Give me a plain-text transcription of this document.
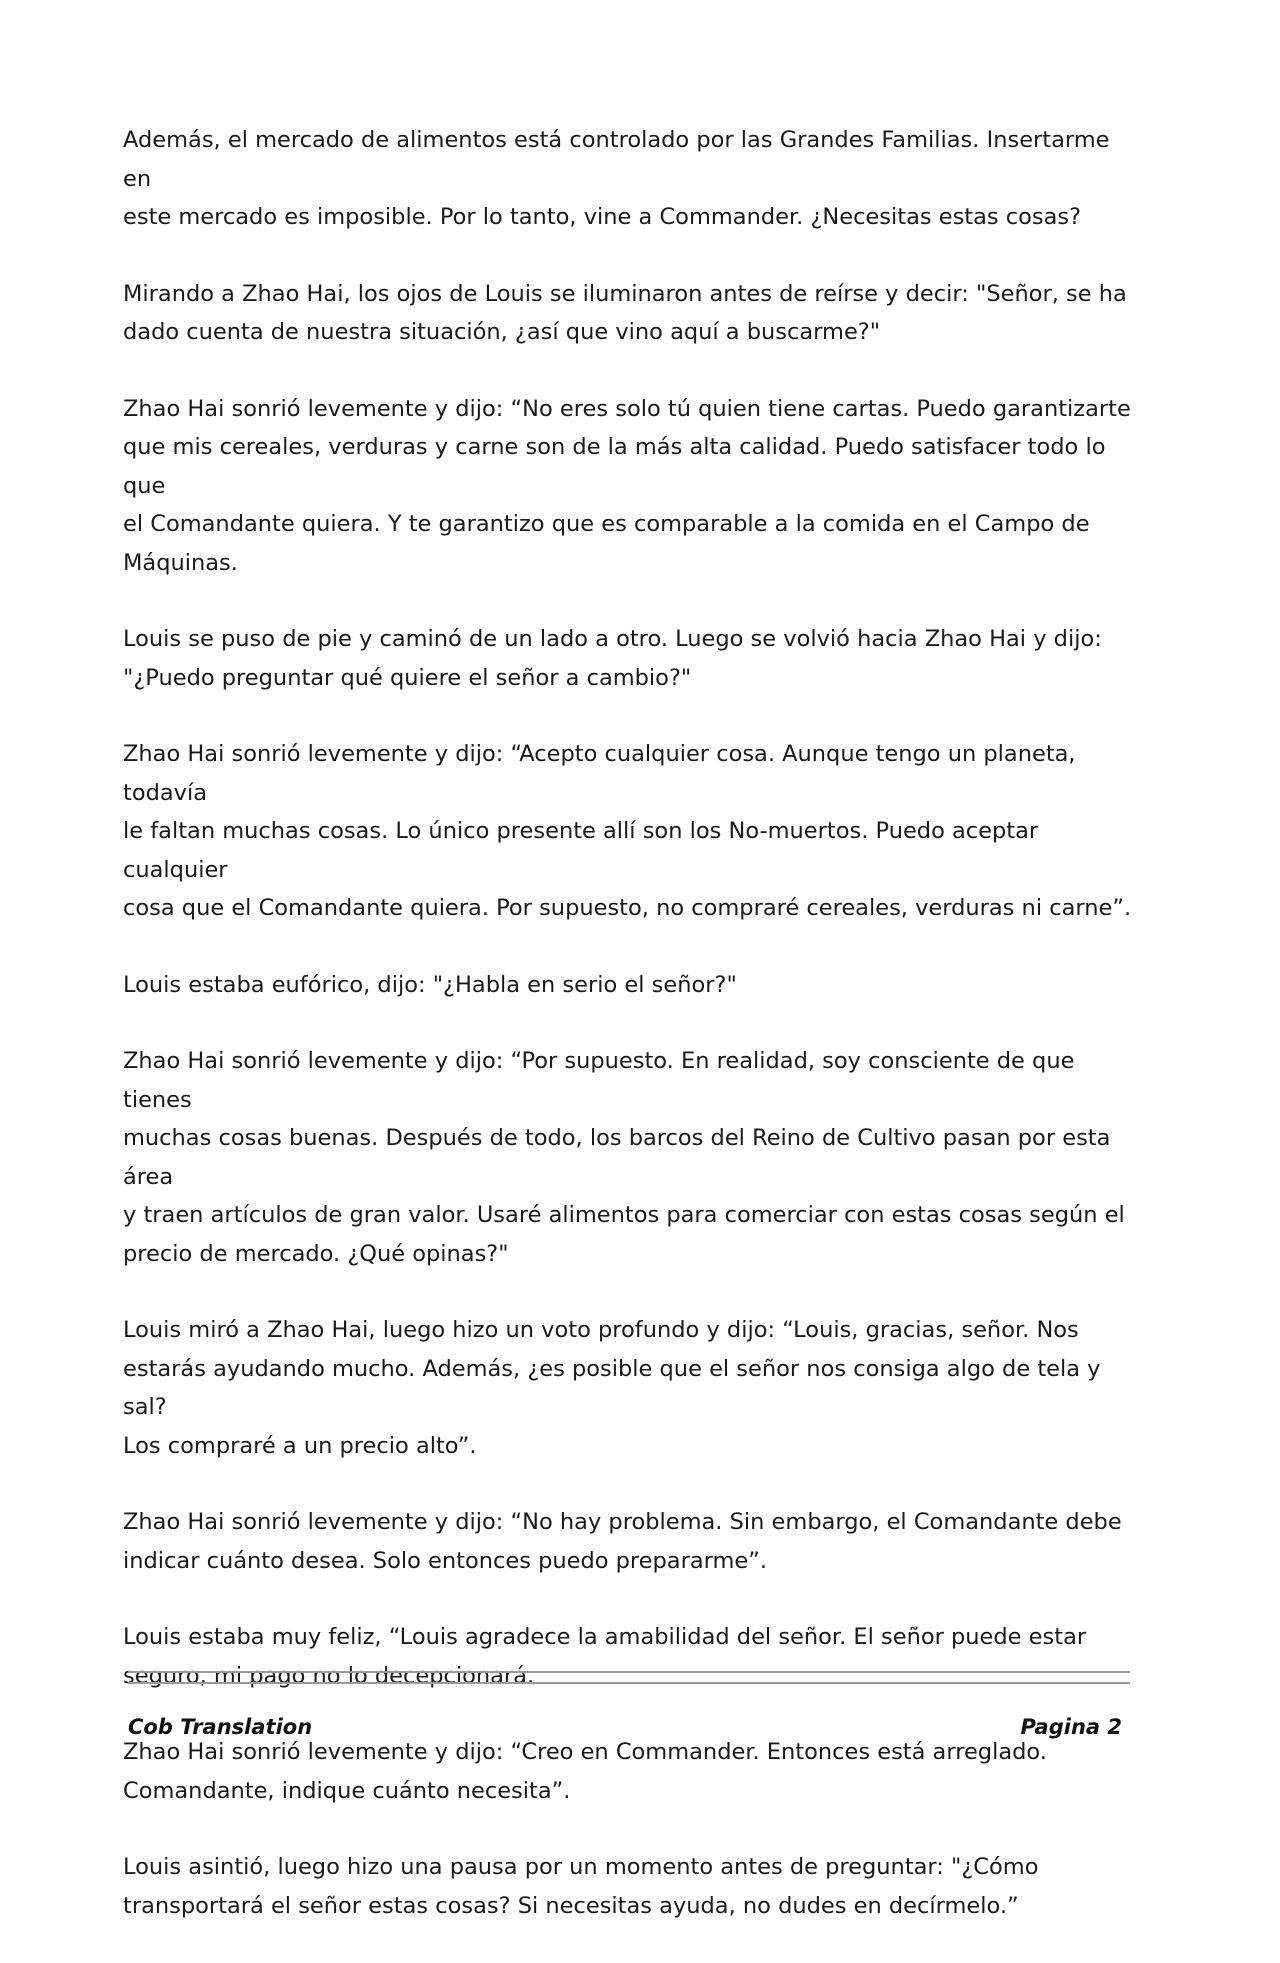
Además, el mercado de alimentos está controlado por las Grandes Familias. Insertarme en
este mercado es imposible. Por lo tanto, vine a Commander. ¿Necesitas estas cosas?

Mirando a Zhao Hai, los ojos de Louis se iluminaron antes de reírse y decir: "Señor, se ha
dado cuenta de nuestra situación, ¿así que vino aquí a buscarme?"

Zhao Hai sonrió levemente y dijo: “No eres solo tú quien tiene cartas. Puedo garantizarte
que mis cereales, verduras y carne son de la más alta calidad. Puedo satisfacer todo lo que
el Comandante quiera. Y te garantizo que es comparable a la comida en el Campo de
Máquinas.

Louis se puso de pie y caminó de un lado a otro. Luego se volvió hacia Zhao Hai y dijo:
"¿Puedo preguntar qué quiere el señor a cambio?"

Zhao Hai sonrió levemente y dijo: “Acepto cualquier cosa. Aunque tengo un planeta, todavía
le faltan muchas cosas. Lo único presente allí son los No-muertos. Puedo aceptar cualquier
cosa que el Comandante quiera. Por supuesto, no compraré cereales, verduras ni carne”.

Louis estaba eufórico, dijo: "¿Habla en serio el señor?"

Zhao Hai sonrió levemente y dijo: “Por supuesto. En realidad, soy consciente de que tienes
muchas cosas buenas. Después de todo, los barcos del Reino de Cultivo pasan por esta área
y traen artículos de gran valor. Usaré alimentos para comerciar con estas cosas según el
precio de mercado. ¿Qué opinas?"

Louis miró a Zhao Hai, luego hizo un voto profundo y dijo: “Louis, gracias, señor. Nos
estarás ayudando mucho. Además, ¿es posible que el señor nos consiga algo de tela y sal?
Los compraré a un precio alto”.

Zhao Hai sonrió levemente y dijo: “No hay problema. Sin embargo, el Comandante debe
indicar cuánto desea. Solo entonces puedo prepararme”.

Louis estaba muy feliz, “Louis agradece la amabilidad del señor. El señor puede estar
seguro, mi pago no lo decepcionará.

Zhao Hai sonrió levemente y dijo: “Creo en Commander. Entonces está arreglado.
Comandante, indique cuánto necesita”.

Louis asintió, luego hizo una pausa por un momento antes de preguntar: "¿Cómo
transportará el señor estas cosas? Si necesitas ayuda, no dudes en decírmelo.”

Cob Translation	Pagina 2
